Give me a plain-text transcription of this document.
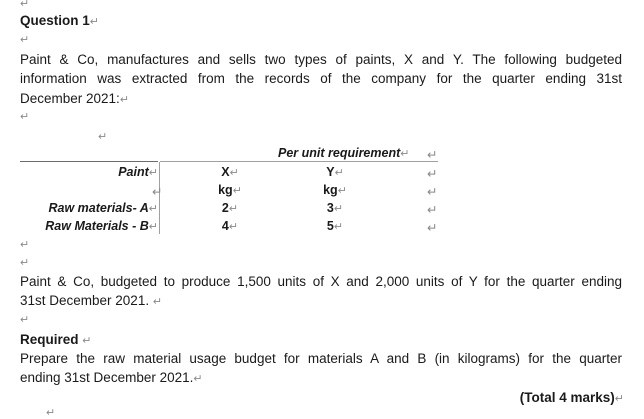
↵
Question 1↵
↵
Paint & Co, manufactures and sells two types of paints, X and Y. The following budgeted
information was extracted from the records of the company for the quarter ending 31st
December 2021:↵
↵
↵
Per unit requirement↵ ↵
Paint↵	X↵	Y↵	↵
↵	kg↵	kg↵	↵
Raw materials- A↵	2↵	3↵	↵
Raw Materials - B↵	4↵	5↵	↵
↵
↵
Paint & Co, budgeted to produce 1,500 units of X and 2,000 units of Y for the quarter ending
31st December 2021. ↵
↵
Required ↵
Prepare the raw material usage budget for materials A and B (in kilograms) for the quarter
ending 31st December 2021.↵
(Total 4 marks)↵
↵
